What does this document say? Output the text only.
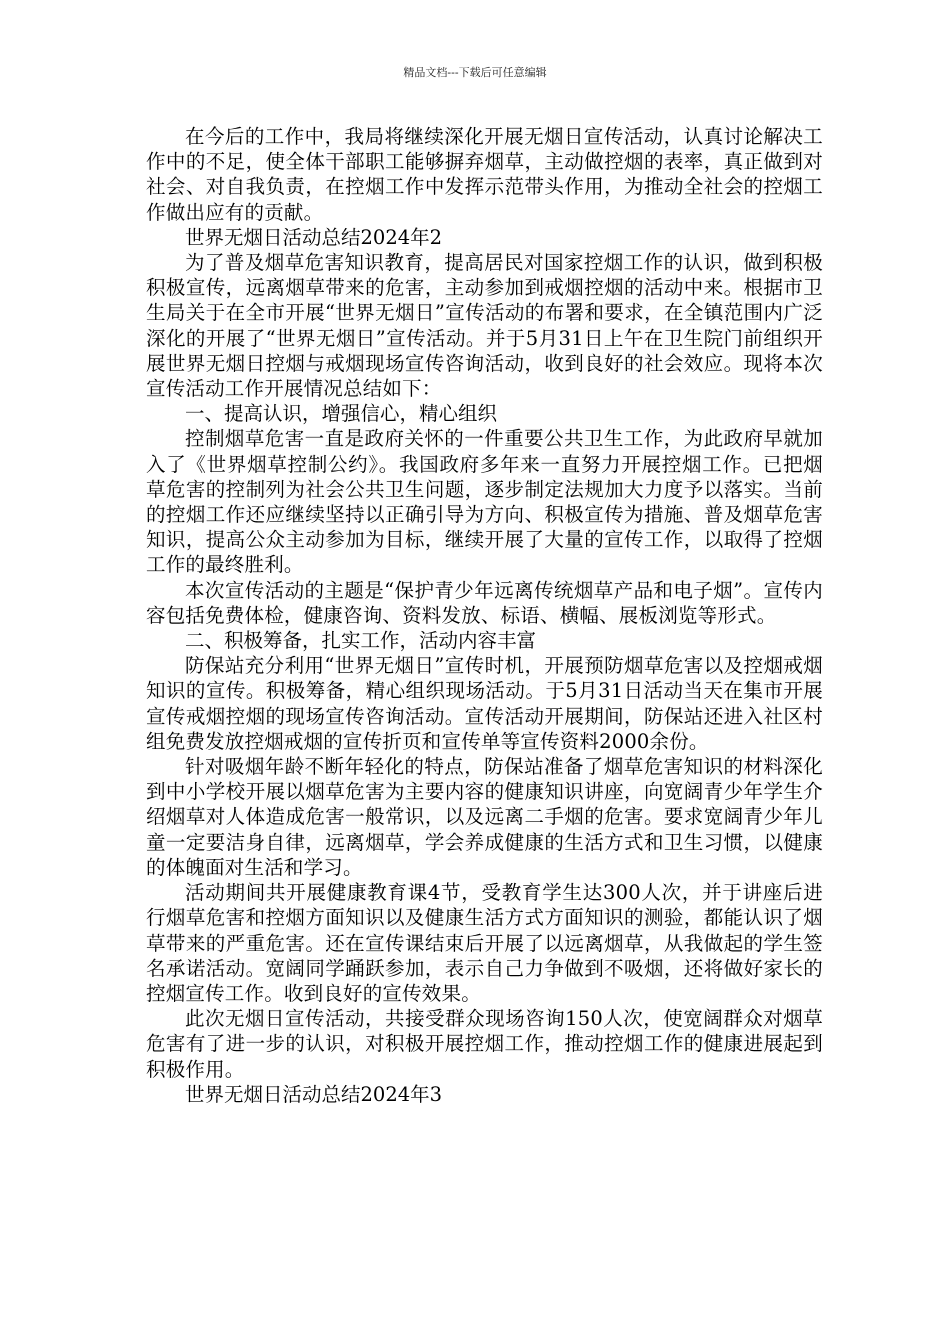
精品文档---下载后可任意编辑

在今后的工作中，我局将继续深化开展无烟日宣传活动，认真讨论解决工作中的不足，使全体干部职工能够摒弃烟草，主动做控烟的表率，真正做到对社会、对自我负责，在控烟工作中发挥示范带头作用，为推动全社会的控烟工作做出应有的贡献。

世界无烟日活动总结2024年2

为了普及烟草危害知识教育，提高居民对国家控烟工作的认识，做到积极积极宣传，远离烟草带来的危害，主动参加到戒烟控烟的活动中来。根据市卫生局关于在全市开展“世界无烟日”宣传活动的布署和要求，在全镇范围内广泛深化的开展了“世界无烟日”宣传活动。并于5月31日上午在卫生院门前组织开展世界无烟日控烟与戒烟现场宣传咨询活动，收到良好的社会效应。现将本次宣传活动工作开展情况总结如下：

一、提高认识，增强信心，精心组织

控制烟草危害一直是政府关怀的一件重要公共卫生工作，为此政府早就加入了《世界烟草控制公约》。我国政府多年来一直努力开展控烟工作。已把烟草危害的控制列为社会公共卫生问题，逐步制定法规加大力度予以落实。当前的控烟工作还应继续坚持以正确引导为方向、积极宣传为措施、普及烟草危害知识，提高公众主动参加为目标，继续开展了大量的宣传工作，以取得了控烟工作的最终胜利。

本次宣传活动的主题是“保护青少年远离传统烟草产品和电子烟”。宣传内容包括免费体检，健康咨询、资料发放、标语、横幅、展板浏览等形式。

二、积极筹备，扎实工作，活动内容丰富

防保站充分利用“世界无烟日”宣传时机，开展预防烟草危害以及控烟戒烟知识的宣传。积极筹备，精心组织现场活动。于5月31日活动当天在集市开展宣传戒烟控烟的现场宣传咨询活动。宣传活动开展期间，防保站还进入社区村组免费发放控烟戒烟的宣传折页和宣传单等宣传资料2000余份。

针对吸烟年龄不断年轻化的特点，防保站准备了烟草危害知识的材料深化到中小学校开展以烟草危害为主要内容的健康知识讲座，向宽阔青少年学生介绍烟草对人体造成危害一般常识，以及远离二手烟的危害。要求宽阔青少年儿童一定要洁身自律，远离烟草，学会养成健康的生活方式和卫生习惯，以健康的体魄面对生活和学习。

活动期间共开展健康教育课4节，受教育学生达300人次，并于讲座后进行烟草危害和控烟方面知识以及健康生活方式方面知识的测验，都能认识了烟草带来的严重危害。还在宣传课结束后开展了以远离烟草，从我做起的学生签名承诺活动。宽阔同学踊跃参加，表示自己力争做到不吸烟，还将做好家长的控烟宣传工作。收到良好的宣传效果。

此次无烟日宣传活动，共接受群众现场咨询150人次，使宽阔群众对烟草危害有了进一步的认识，对积极开展控烟工作，推动控烟工作的健康进展起到积极作用。

世界无烟日活动总结2024年3
